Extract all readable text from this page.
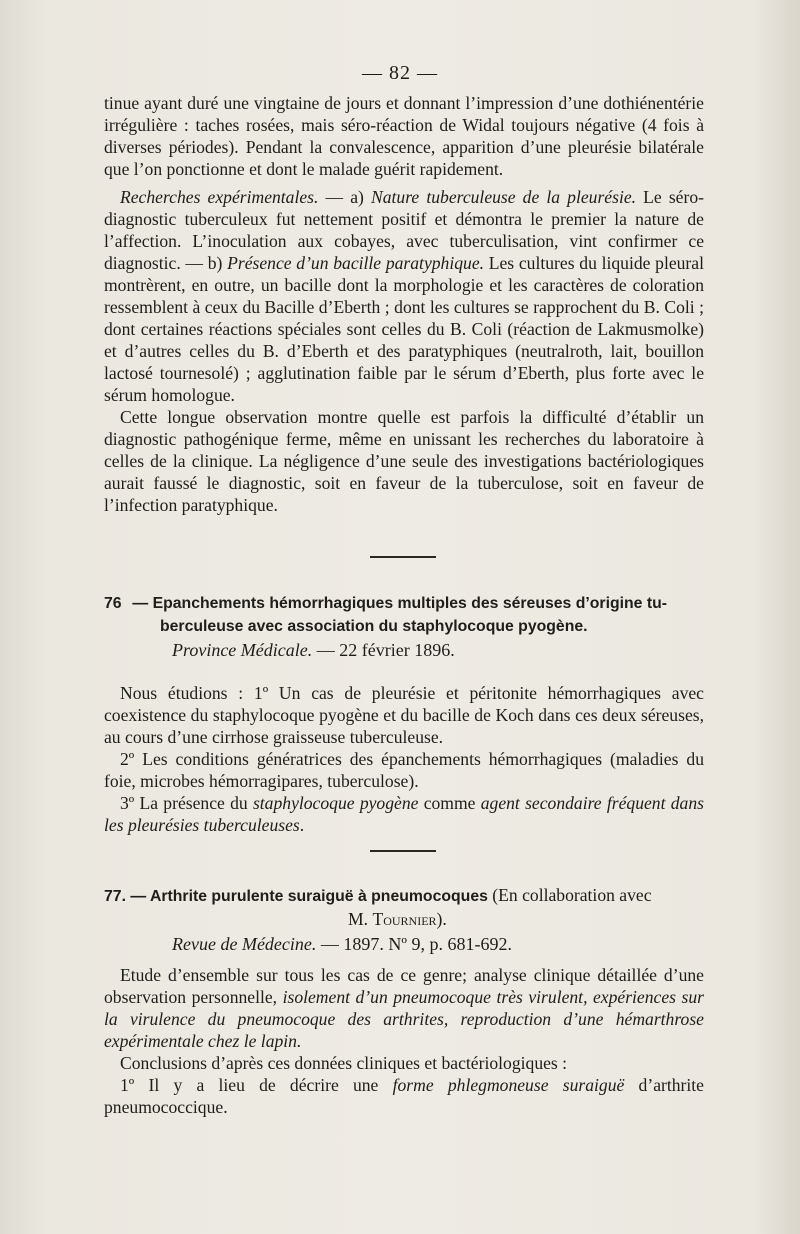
— 82 —

tinue ayant duré une vingtaine de jours et donnant l’impression d’une dothiénentérie irrégulière : taches rosées, mais séro-réaction de Widal toujours négative (4 fois à diverses périodes). Pendant la convalescence, apparition d’une pleurésie bilatérale que l’on ponctionne et dont le malade guérit rapidement.

Recherches expérimentales. — a) Nature tuberculeuse de la pleurésie. Le séro-diagnostic tuberculeux fut nettement positif et démontra le premier la nature de l’affection. L’inoculation aux cobayes, avec tuberculisation, vint confirmer ce diagnostic. — b) Présence d’un bacille paratyphique. Les cultures du liquide pleural montrèrent, en outre, un bacille dont la morphologie et les caractères de coloration ressemblent à ceux du Bacille d’Eberth ; dont les cultures se rapprochent du B. Coli ; dont certaines réactions spéciales sont celles du B. Coli (réaction de Lakmusmolke) et d’autres celles du B. d’Eberth et des paratyphiques (neutralroth, lait, bouillon lactosé tournesolé) ; agglutination faible par le sérum d’Eberth, plus forte avec le sérum homologue.

Cette longue observation montre quelle est parfois la difficulté d’établir un diagnostic pathogénique ferme, même en unissant les recherches du laboratoire à celles de la clinique. La négligence d’une seule des investigations bactériologiques aurait faussé le diagnostic, soit en faveur de la tuberculose, soit en faveur de l’infection paratyphique.

76 — Epanchements hémorrhagiques multiples des séreuses d’origine tu-
berculeuse avec association du staphylocoque pyogène.
Province Médicale. — 22 février 1896.

Nous étudions : 1º Un cas de pleurésie et péritonite hémorrhagiques avec coexistence du staphylocoque pyogène et du bacille de Koch dans ces deux séreuses, au cours d’une cirrhose graisseuse tuberculeuse.

2º Les conditions génératrices des épanchements hémorrhagiques (maladies du foie, microbes hémorragipares, tuberculose).

3º La présence du staphylocoque pyogène comme agent secondaire fréquent dans les pleurésies tuberculeuses.

77. — Arthrite purulente suraiguë à pneumocoques (En collaboration avec
M. Tournier).
Revue de Médecine. — 1897. Nº 9, p. 681-692.

Etude d’ensemble sur tous les cas de ce genre; analyse clinique détaillée d’une observation personnelle, isolement d’un pneumocoque très virulent, expériences sur la virulence du pneumocoque des arthrites, reproduction d’une hémarthrose expérimentale chez le lapin.

Conclusions d’après ces données cliniques et bactériologiques :

1º Il y a lieu de décrire une forme phlegmoneuse suraiguë d’arthrite pneumococcique.
